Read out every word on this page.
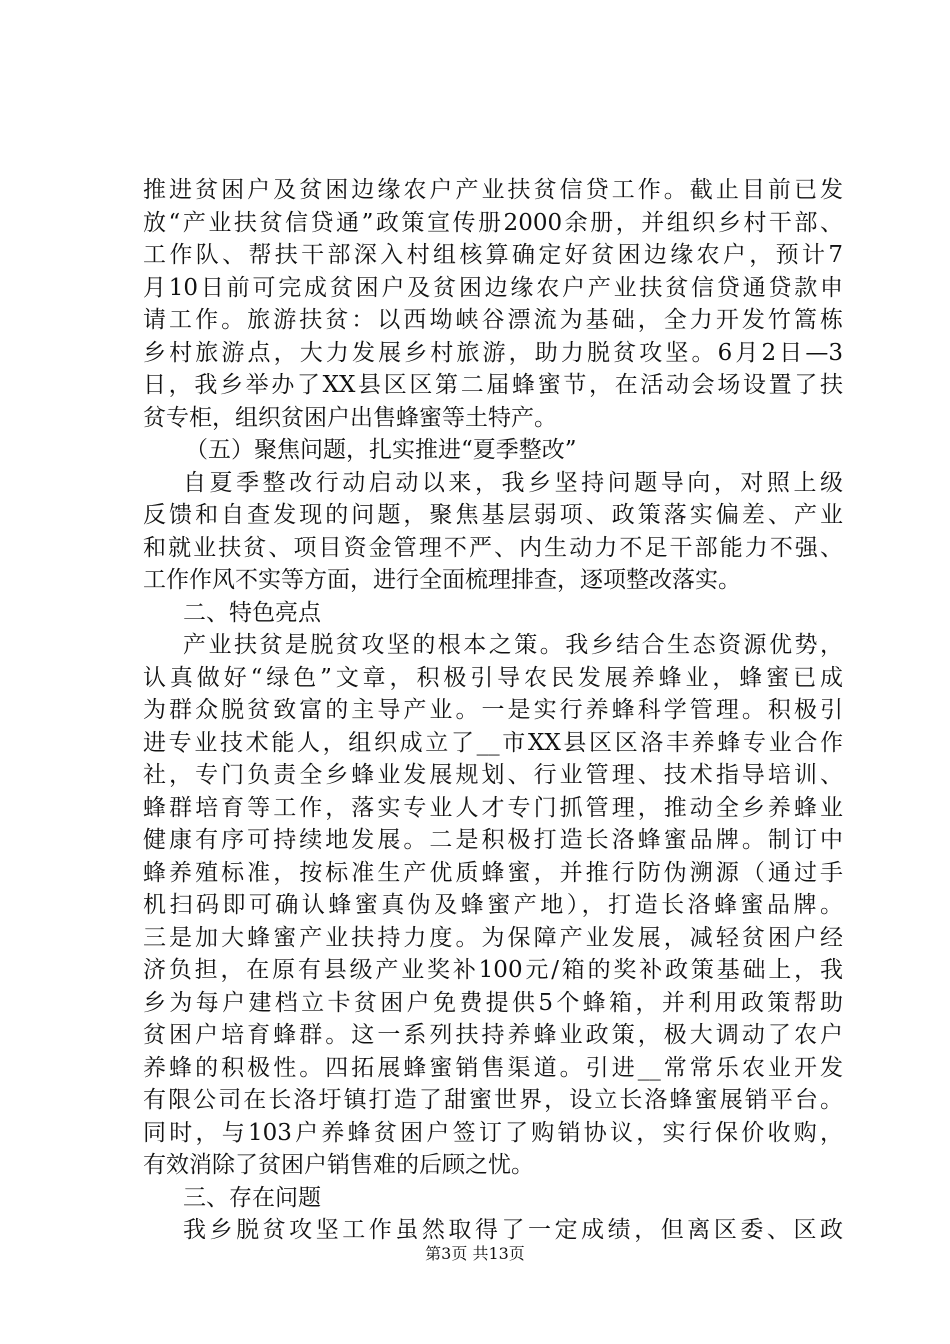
推进贫困户及贫困边缘农户产业扶贫信贷工作。截止目前已发
放“产业扶贫信贷通”政策宣传册2000余册，并组织乡村干部、
工作队、帮扶干部深入村组核算确定好贫困边缘农户，预计7
月10日前可完成贫困户及贫困边缘农户产业扶贫信贷通贷款申
请工作。旅游扶贫：以西坳峡谷漂流为基础，全力开发竹篙栋
乡村旅游点，大力发展乡村旅游，助力脱贫攻坚。6月2日—3
日，我乡举办了XX县区区第二届蜂蜜节，在活动会场设置了扶
贫专柜，组织贫困户出售蜂蜜等土特产。
（五）聚焦问题，扎实推进“夏季整改”
自夏季整改行动启动以来，我乡坚持问题导向，对照上级
反馈和自查发现的问题，聚焦基层弱项、政策落实偏差、产业
和就业扶贫、项目资金管理不严、内生动力不足干部能力不强、
工作作风不实等方面，进行全面梳理排查，逐项整改落实。
二、特色亮点
产业扶贫是脱贫攻坚的根本之策。我乡结合生态资源优势，
认真做好“绿色”文章，积极引导农民发展养蜂业，蜂蜜已成
为群众脱贫致富的主导产业。一是实行养蜂科学管理。积极引
进专业技术能人，组织成立了__市XX县区区洛丰养蜂专业合作
社，专门负责全乡蜂业发展规划、行业管理、技术指导培训、
蜂群培育等工作，落实专业人才专门抓管理，推动全乡养蜂业
健康有序可持续地发展。二是积极打造长洛蜂蜜品牌。制订中
蜂养殖标准，按标准生产优质蜂蜜，并推行防伪溯源（通过手
机扫码即可确认蜂蜜真伪及蜂蜜产地），打造长洛蜂蜜品牌。
三是加大蜂蜜产业扶持力度。为保障产业发展，减轻贫困户经
济负担，在原有县级产业奖补100元/箱的奖补政策基础上，我
乡为每户建档立卡贫困户免费提供5个蜂箱，并利用政策帮助
贫困户培育蜂群。这一系列扶持养蜂业政策，极大调动了农户
养蜂的积极性。四拓展蜂蜜销售渠道。引进__常常乐农业开发
有限公司在长洛圩镇打造了甜蜜世界，设立长洛蜂蜜展销平台。
同时，与103户养蜂贫困户签订了购销协议，实行保价收购，
有效消除了贫困户销售难的后顾之忧。
三、存在问题
我乡脱贫攻坚工作虽然取得了一定成绩，但离区委、区政
第3页 共13页
